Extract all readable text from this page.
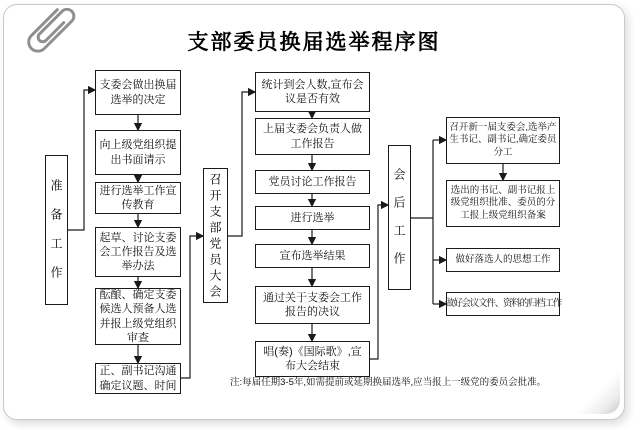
支部委员换届选举程序图
准备工作	召开支部党员大会	会后工作
支委会做出换届选举的决定
向上级党组织提出书面请示
进行选举工作宣传教育
起草、讨论支委会工作报告及选举办法
酝酿、确定支委候选人预备人选并报上级党组织审查
正、副书记沟通确定议题、时间
统计到会人数,宣布会议是否有效
上届支委会负责人做工作报告
党员讨论工作报告
进行选举
宣布选举结果
通过关于支委会工作报告的决议
唱(奏)《国际歌》,宣布大会结束
召开新一届支委会,选举产生书记、副书记,确定委员分工
选出的书记、副书记报上级党组织批准、委员的分工报上级党组织备案
做好落选人的思想工作
做好会议文件、资料的归档工作
注:每届任期3-5年,如需提前或延期换届选举,应当报上一级党的委员会批准。
